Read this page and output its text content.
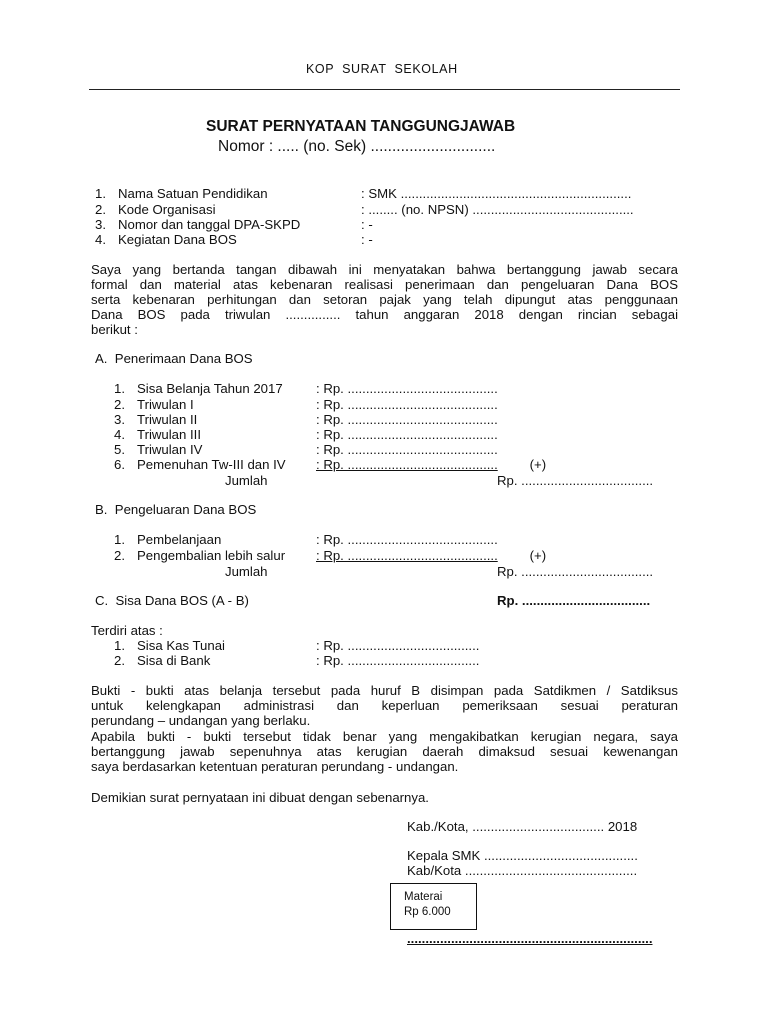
KOP  SURAT  SEKOLAH
SURAT PERNYATAAN TANGGUNGJAWAB
Nomor : ..... (no. Sek) .............................
1. Nama Satuan Pendidikan	: SMK ...............................................................
2. Kode Organisasi	: ........ (no. NPSN) ............................................
3. Nomor dan tanggal DPA-SKPD	: -
4. Kegiatan Dana BOS	: -
Saya yang bertanda tangan dibawah ini menyatakan bahwa bertanggung jawab secara
formal dan material atas kebenaran realisasi penerimaan dan pengeluaran Dana BOS
serta kebenaran perhitungan dan setoran pajak yang telah dipungut atas penggunaan
Dana BOS pada triwulan ............... tahun anggaran 2018 dengan rincian sebagai
berikut :
A.  Penerimaan Dana BOS
1. Sisa Belanja Tahun 2017	: Rp. .........................................
2. Triwulan I	: Rp. .........................................
3. Triwulan II	: Rp. .........................................
4. Triwulan III	: Rp. .........................................
5. Triwulan IV	: Rp. .........................................
6. Pemenuhan Tw-III dan IV : Rp. ......................................... (+)
Jumlah	Rp. ....................................
B.  Pengeluaran Dana BOS
1. Pembelanjaan	: Rp. .........................................
2. Pengembalian lebih salur : Rp. ......................................... (+)
Jumlah	Rp. ....................................
C.  Sisa Dana BOS (A - B)	Rp. ...................................
Terdiri atas :
1. Sisa Kas Tunai	: Rp. ....................................
2. Sisa di Bank	: Rp. ....................................
Bukti - bukti atas belanja tersebut pada huruf B disimpan pada Satdikmen / Satdiksus
untuk kelengkapan administrasi dan keperluan pemeriksaan sesuai peraturan
perundang – undangan yang berlaku.
Apabila bukti - bukti tersebut tidak benar yang mengakibatkan kerugian negara, saya
bertanggung jawab sepenuhnya atas kerugian daerah dimaksud sesuai kewenangan
saya berdasarkan ketentuan peraturan perundang - undangan.
Demikian surat pernyataan ini dibuat dengan sebenarnya.
Kab./Kota, .................................... 2018
Kepala SMK ..........................................
Kab/Kota ...............................................
Materai
Rp 6.000
...................................................................
